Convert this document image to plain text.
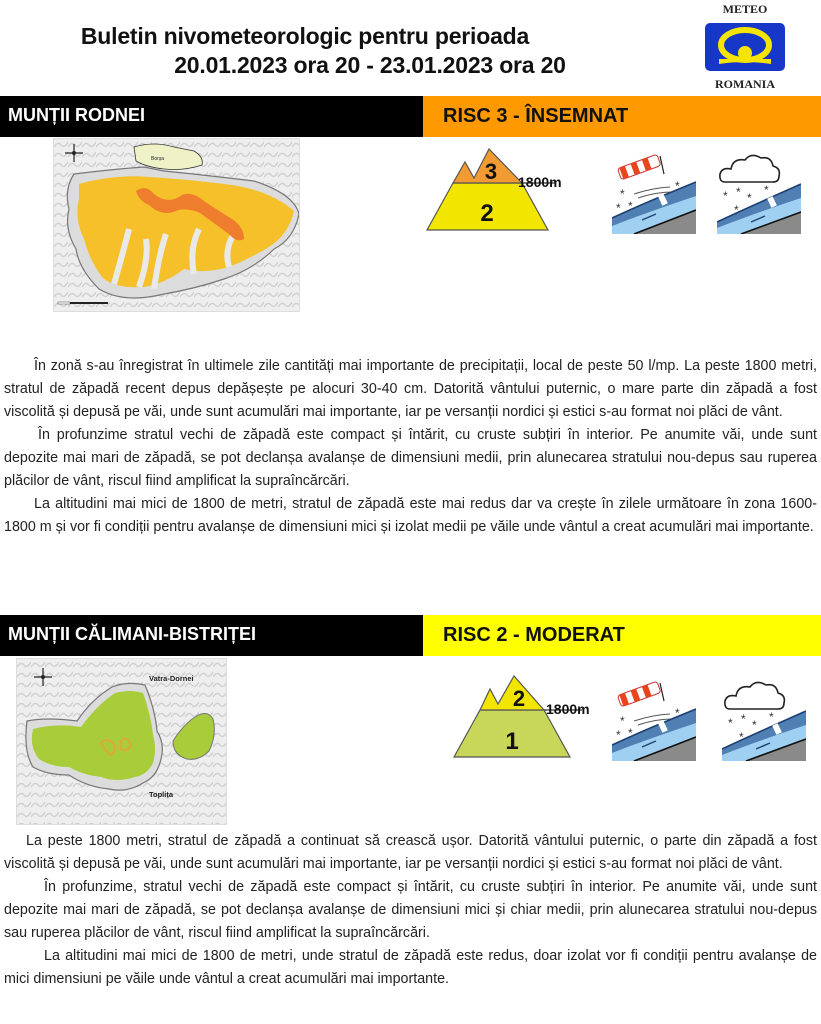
Buletin nivometeorologic pentru perioada
20.01.2023 ora 20 - 23.01.2023 ora 20
METEO
ROMANIA
MUNȚII RODNEI	RISC 3 - ÎNSEMNAT
Borșa	3
2
1800m
*
* *
*
* * *
*
*

În zonă s-au înregistrat în ultimele zile cantități mai importante de precipitații, local de peste 50 l/mp. La peste 1800 metri, stratul de zăpadă recent depus depășește pe alocuri 30-40 cm. Datorită vântului puternic, o mare parte din zăpadă a fost viscolită și depusă pe văi, unde sunt acumulări mai importante, iar pe versanții nordici și estici s-au format noi plăci de vânt.

În profunzime stratul vechi de zăpadă este compact și întărit, cu cruste subțiri în interior. Pe anumite văi, unde sunt depozite mai mari de zăpadă, se pot declanșa avalanșe de dimensiuni medii, prin alunecarea stratului nou-depus sau ruperea plăcilor de vânt, riscul fiind amplificat la supraîncărcări.

La altitudini mai mici de 1800 de metri, stratul de zăpadă este mai redus dar va crește în zilele următoare în zona 1600-1800 m și vor fi condiții pentru avalanșe de dimensiuni mici și izolat medii pe văile unde vântul a creat acumulări mai importante.

MUNȚII CĂLIMANI-BISTRIȚEI	RISC 2 - MODERAT
Vatra-Dornei
Toplița
2
1
1800m
*
* *
*
* * *
*
*

La peste 1800 metri, stratul de zăpadă a continuat să crească ușor. Datorită vântului puternic, o parte din zăpadă a fost viscolită și depusă pe văi, unde sunt acumulări mai importante, iar pe versanții nordici și estici s-au format noi plăci de vânt.

În profunzime, stratul vechi de zăpadă este compact și întărit, cu cruste subțiri în interior. Pe anumite văi, unde sunt depozite mai mari de zăpadă, se pot declanșa avalanșe de dimensiuni mici și chiar medii, prin alunecarea stratului nou-depus sau ruperea plăcilor de vânt, riscul fiind amplificat la supraîncărcări.

La altitudini mai mici de 1800 de metri, unde stratul de zăpadă este redus, doar izolat vor fi condiții pentru avalanșe de mici dimensiuni pe văile unde vântul a creat acumulări mai importante.
